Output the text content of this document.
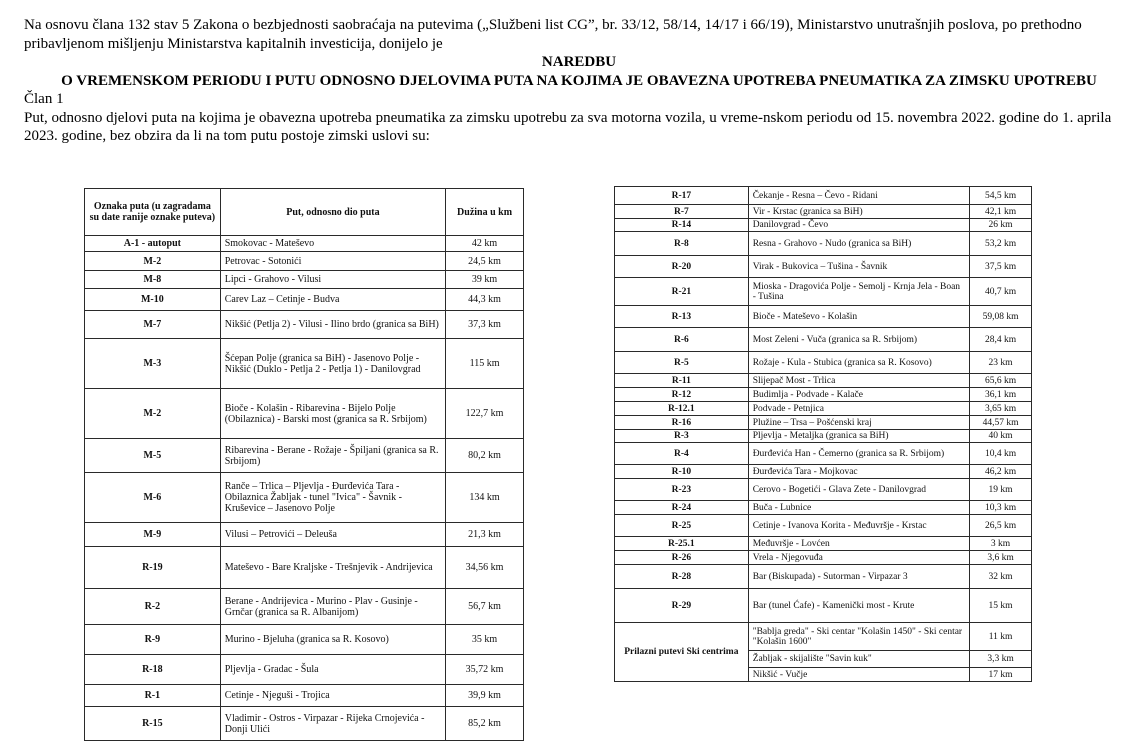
Na osnovu člana 132 stav 5 Zakona o bezbjednosti saobraćaja na putevima („Službeni list CG”, br. 33/12, 58/14, 14/17 i 66/19), Ministarstvo unutrašnjih poslova, po prethodno pribavljenom mišljenju Ministarstva kapitalnih investicija, donijelo je

NAREDBU

O VREMENSKOM PERIODU I PUTU ODNOSNO DJELOVIMA PUTA NA KOJIMA JE OBAVEZNA UPOTREBA PNEUMATIKA ZA ZIMSKU UPOTREBU

Član 1

Put, odnosno djelovi puta na kojima je obavezna upotreba pneumatika za zimsku upotrebu za sva motorna vozila, u vreme-nskom periodu od 15. novembra 2022. godine do 1. aprila 2023. godine, bez obzira da li na tom putu postoje zimski uslovi su:

Oznaka puta (u zagradama su date ranije oznake puteva)	Put, odnosno dio puta	Dužina u km
A-1 - autoput	Smokovac - Mateševo	42 km
M-2	Petrovac - Sotonići	24,5 km
M-8	Lipci - Grahovo - Vilusi	39 km
M-10	Carev Laz – Cetinje - Budva	44,3 km
M-7	Nikšić (Petlja 2) - Vilusi - Ilino brdo (granica sa BiH)	37,3 km
M-3	Šćepan Polje (granica sa BiH) - Jasenovo Polje - Nikšić (Duklo - Petlja 2 - Petlja 1) - Danilovgrad	115 km
M-2	Bioče - Kolašin - Ribarevina - Bijelo Polje (Obilaznica) - Barski most (granica sa R. Srbijom)	122,7 km
M-5	Ribarevina - Berane - Rožaje - Špiljani (granica sa R. Srbijom)	80,2 km
M-6	Ranče – Trlica – Pljevlja - Đurđevića Tara - Obilaznica Žabljak - tunel "Ivica" - Šavnik - Kruševice – Jasenovo Polje	134 km
M-9	Vilusi – Petrovići – Deleuša	21,3 km
R-19	Mateševo - Bare Kraljske - Trešnjevik - Andrijevica	34,56 km
R-2	Berane - Andrijevica - Murino - Plav - Gusinje - Grnčar (granica sa R. Albanijom)	56,7 km
R-9	Murino - Bjeluha (granica sa R. Kosovo)	35 km
R-18	Pljevlja - Gradac - Šula	35,72 km
R-1	Cetinje - Njeguši - Trojica	39,9 km
R-15	Vladimir - Ostros - Virpazar - Rijeka Crnojevića - Donji Ulići	85,2 km
R-17	Čekanje - Resna – Čevo - Ridani	54,5 km
R-7	Vir - Krstac (granica sa BiH)	42,1 km
R-14	Danilovgrad - Čevo	26 km
R-8	Resna - Grahovo - Nudo (granica sa BiH)	53,2 km
R-20	Virak - Bukovica – Tušina - Šavnik	37,5 km
R-21	Mioska - Dragovića Polje - Semolj - Krnja Jela - Boan - Tušina	40,7 km
R-13	Bioče - Mateševo - Kolašin	59,08 km
R-6	Most Zeleni - Vuča (granica sa R. Srbijom)	28,4 km
R-5	Rožaje - Kula - Stubica (granica sa R. Kosovo)	23 km
R-11	Slijepač Most - Trlica	65,6 km
R-12	Budimlja - Podvade - Kalače	36,1 km
R-12.1	Podvade - Petnjica	3,65 km
R-16	Plužine – Trsa – Pošćenski kraj	44,57 km
R-3	Pljevlja - Metaljka (granica sa BiH)	40 km
R-4	Đurđevića Han - Čemerno (granica sa R. Srbijom)	10,4 km
R-10	Đurđevića Tara - Mojkovac	46,2 km
R-23	Cerovo - Bogetići - Glava Zete - Danilovgrad	19 km
R-24	Buča - Lubnice	10,3 km
R-25	Cetinje - Ivanova Korita - Međuvršje - Krstac	26,5 km
R-25.1	Međuvršje - Lovćen	3 km
R-26	Vrela - Njegovuđa	3,6 km
R-28	Bar (Biskupada) - Sutorman - Virpazar 3	32 km
R-29	Bar (tunel Ćafe) - Kamenički most - Krute	15 km
Prilazni putevi Ski centrima	"Bablja greda" - Ski centar "Kolašin 1450" - Ski centar "Kolašin 1600"	11 km
	Žabljak - skijalište "Savin kuk"	3,3 km
	Nikšić - Vučje	17 km
